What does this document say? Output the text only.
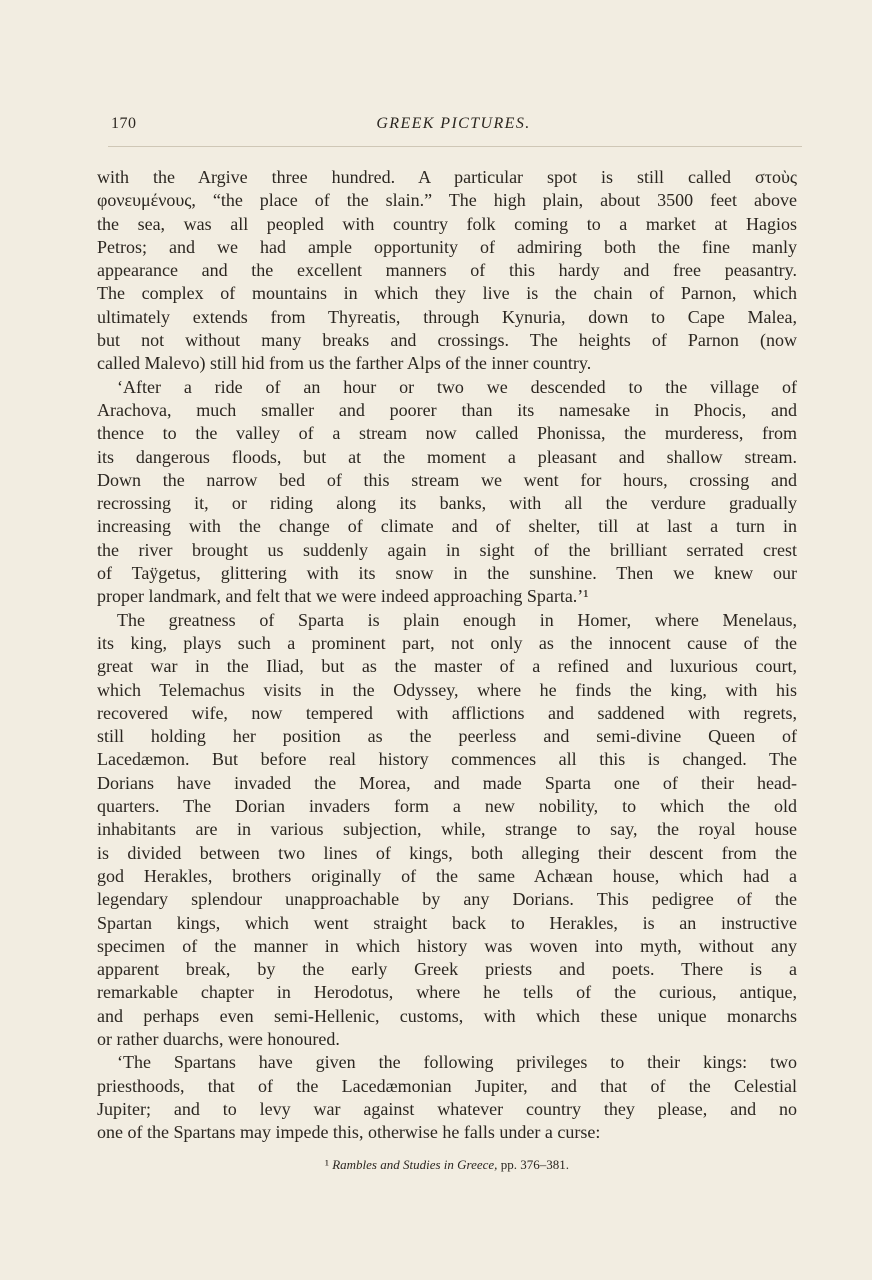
170	GREEK PICTURES.
with the Argive three hundred. A particular spot is still called στοὺς
φονευμένους, “the place of the slain.” The high plain, about 3500 feet above
the sea, was all peopled with country folk coming to a market at Hagios
Petros; and we had ample opportunity of admiring both the fine manly
appearance and the excellent manners of this hardy and free peasantry.
The complex of mountains in which they live is the chain of Parnon, which
ultimately extends from Thyreatis, through Kynuria, down to Cape Malea,
but not without many breaks and crossings. The heights of Parnon (now
called Malevo) still hid from us the farther Alps of the inner country.
‘After a ride of an hour or two we descended to the village of
Arachova, much smaller and poorer than its namesake in Phocis, and
thence to the valley of a stream now called Phonissa, the murderess, from
its dangerous floods, but at the moment a pleasant and shallow stream.
Down the narrow bed of this stream we went for hours, crossing and
recrossing it, or riding along its banks, with all the verdure gradually
increasing with the change of climate and of shelter, till at last a turn in
the river brought us suddenly again in sight of the brilliant serrated crest
of Taÿgetus, glittering with its snow in the sunshine. Then we knew our
proper landmark, and felt that we were indeed approaching Sparta.’¹
The greatness of Sparta is plain enough in Homer, where Menelaus,
its king, plays such a prominent part, not only as the innocent cause of the
great war in the Iliad, but as the master of a refined and luxurious court,
which Telemachus visits in the Odyssey, where he finds the king, with his
recovered wife, now tempered with afflictions and saddened with regrets,
still holding her position as the peerless and semi-divine Queen of
Lacedæmon. But before real history commences all this is changed. The
Dorians have invaded the Morea, and made Sparta one of their head-
quarters. The Dorian invaders form a new nobility, to which the old
inhabitants are in various subjection, while, strange to say, the royal house
is divided between two lines of kings, both alleging their descent from the
god Herakles, brothers originally of the same Achæan house, which had a
legendary splendour unapproachable by any Dorians. This pedigree of the
Spartan kings, which went straight back to Herakles, is an instructive
specimen of the manner in which history was woven into myth, without any
apparent break, by the early Greek priests and poets. There is a
remarkable chapter in Herodotus, where he tells of the curious, antique,
and perhaps even semi-Hellenic, customs, with which these unique monarchs
or rather duarchs, were honoured.
‘The Spartans have given the following privileges to their kings: two
priesthoods, that of the Lacedæmonian Jupiter, and that of the Celestial
Jupiter; and to levy war against whatever country they please, and no
one of the Spartans may impede this, otherwise he falls under a curse:
¹ Rambles and Studies in Greece, pp. 376–381.
